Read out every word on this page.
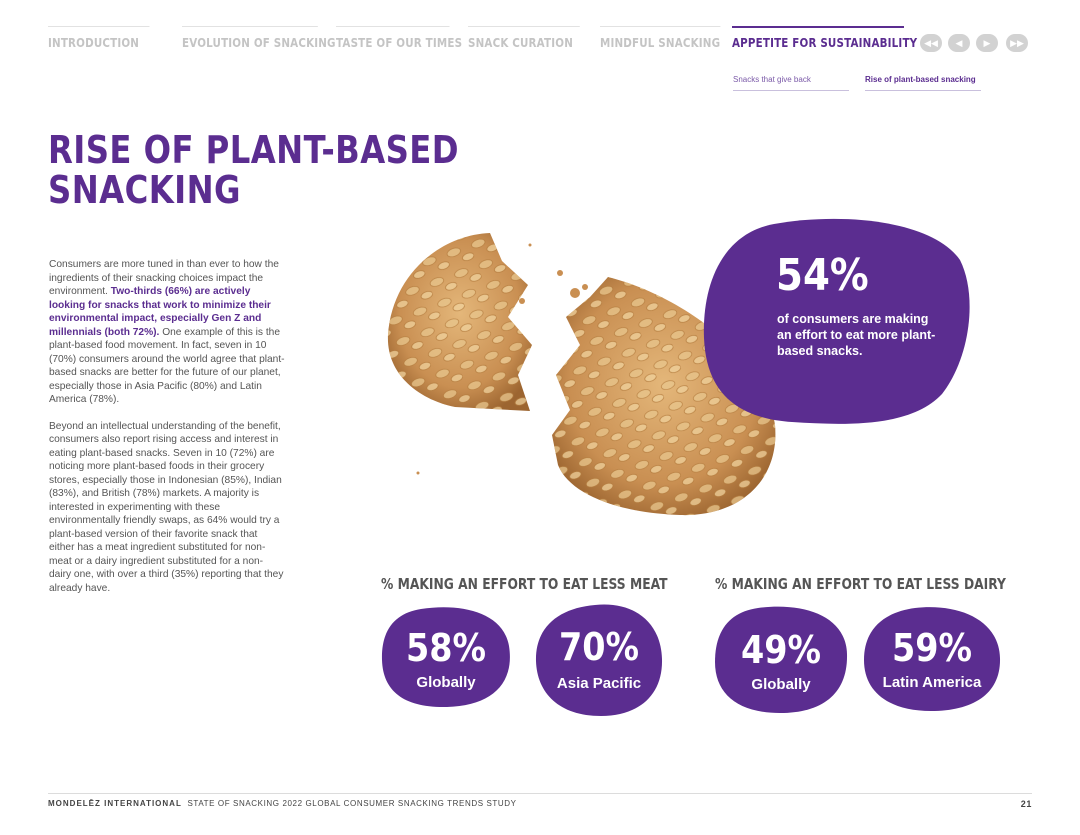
INTRODUCTION	EVOLUTION OF SNACKING TASTE OF OUR TIMES SNACK CURATION	MINDFUL SNACKING APPETITE FOR SUSTAINABILITY ◀◀	◀	▶	▶▶
Snacks that give back	Rise of plant-based snacking
RISE OF PLANT-BASED
SNACKING

Consumers are more tuned in than ever to how the ingredients of their snacking choices impact the environment. Two-thirds (66%) are actively looking for snacks that work to minimize their environmental impact, especially Gen Z and millennials (both 72%). One example of this is the plant-based food movement. In fact, seven in 10 (70%) consumers around the world agree that plant-based snacks are better for the future of our planet, especially those in Asia Pacific (80%) and Latin America (78%).

Beyond an intellectual understanding of the benefit, consumers also report rising access and interest in eating plant-based snacks. Seven in 10 (72%) are noticing more plant-based foods in their grocery stores, especially those in Indonesian (85%), Indian (83%), and British (78%) markets. A majority is interested in experimenting with these environmentally friendly swaps, as 64% would try a plant-based version of their favorite snack that either has a meat ingredient substituted for non-meat or a dairy ingredient substituted for a non-dairy one, with over a third (35%) reporting that they already have.

54%
of consumers are making an effort to eat more plant-based snacks.
% MAKING AN EFFORT TO EAT LESS MEAT
58%
Globally
70%
Asia Pacific
% MAKING AN EFFORT TO EAT LESS DAIRY
49%
Globally
59%
Latin America
MONDELĒZ INTERNATIONAL STATE OF SNACKING 2022 GLOBAL CONSUMER SNACKING TRENDS STUDY	21
